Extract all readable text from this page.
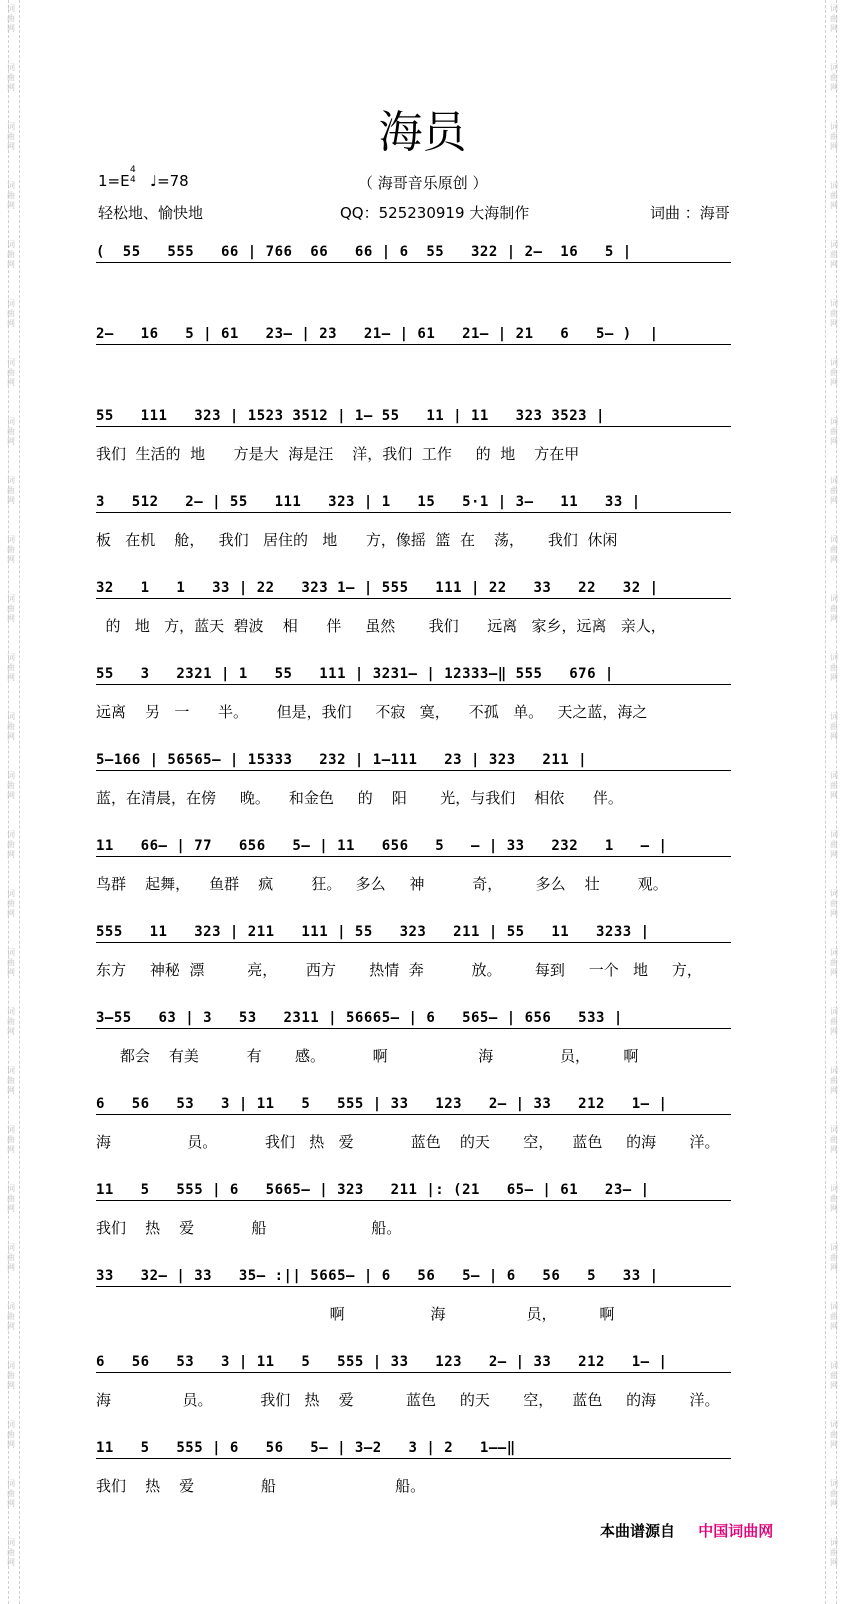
词
曲
网
词
曲
网
词
曲
网
词
曲
网
词
曲
网
词
曲
网
词
曲
网
词
曲
网
词
曲
网
词
曲
网
词
曲
网
词
曲
网
词
曲
网
词
曲
网
词
曲
网
词
曲
网
词
曲
网
词
曲
网
词
曲
网
词
曲
网
词
曲
网
词
曲
网
词
曲
网
词
曲
网
词
曲
网
词
曲
网
词
曲
网
词
曲
网
词
曲
网
词
曲
网
词
曲
网
词
曲
网
词
曲
网
词
曲
网
词
曲
网
词
曲
网
词
曲
网
词
曲
网
词
曲
网
词
曲
网
词
曲
网
词
曲
网
词
曲
网
词
曲
网
词
曲
网
词
曲
网
词
曲
网
词
曲
网
词
曲
网
词
曲
网
词
曲
网
词
曲
网
词
曲
网
词
曲
网
海员
1=E
4
4 ♩=78	（ 海哥音乐原创 ）
轻松地、愉快地	QQ：525230919 大海制作	词曲 ：海哥
(  55   555   66 | 766  66   66 | 6  55   322 | 2—  16   5 |
2—   16   5 | 61   23— | 23   21— | 61   21— | 21   6   5— )  |
55   111   323 | 1523 3512 | 1— 55   11 | 11   323 3523 |
我们  生活的  地      方是大  海是汪    洋，我们  工作     的  地    方在甲
3   512   2— | 55   111   323 | 1   15   5·1 | 3—   11   33 |
板   在机    舱，   我们   居住的   地      方，像摇  篮  在    荡，     我们  休闲
32   1   1   33 | 22   323 1— | 555   111 | 22   33   22   32 |
的   地   方，蓝天  碧波    相      伴     虽然       我们      远离   家乡，远离   亲人，
55   3   2321 | 1   55   111 | 3231— | 12333—‖ 555   676 |
远离    另   一      半。      但是，我们     不寂   寞，    不孤   单。   天之蓝，海之
5—166 | 56565— | 15333   232 | 1—111   23 | 323   211 |
蓝，在清晨，在傍     晚。    和金色     的    阳       光，与我们    相依      伴。
11   66— | 77   656   5— | 11   656   5   — | 33   232   1   — |
鸟群    起舞，    鱼群    疯        狂。   多么     神          奇，       多么    壮        观。
555   11   323 | 211   111 | 55   323   211 | 55   11   3233 |
东方     神秘  漂         亮，      西方       热情  奔          放。       每到     一个   地     方，
3—55   63 | 3   53   2311 | 56665— | 6   565— | 656   533 |
都会    有美          有       感。          啊                   海              员，       啊
6   56   53   3 | 11   5   555 | 33   123   2— | 33   212   1— |
海                员。          我们   热   爱            蓝色    的天       空，    蓝色     的海       洋。
11   5   555 | 6   5665— | 323   211 |: (21   65— | 61   23— |
我们    热    爱            船                      船。
33   32— | 33   35— :|| 5665— | 6   56   5— | 6   56   5   33 |
啊                  海                 员，         啊
6   56   53   3 | 11   5   555 | 33   123   2— | 33   212   1— |
海               员。          我们   热    爱           蓝色     的天       空，    蓝色     的海       洋。
11   5   555 | 6   56   5— | 3—2   3 | 2   1——‖
我们    热    爱              船                         船。
本曲谱源自 中国词曲网
